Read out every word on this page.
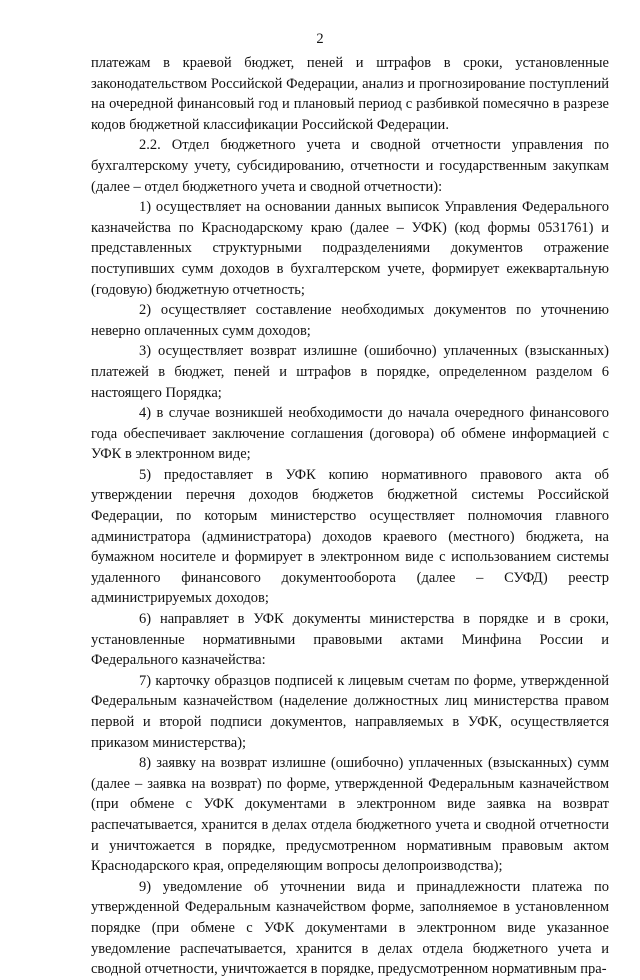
2

платежам в краевой бюджет, пеней и штрафов в сроки, установленные законодательством Российской Федерации, анализ и прогнозирование поступлений на очередной финансовый год и плановый период с разбивкой помесячно в разрезе кодов бюджетной классификации Российской Федерации.

2.2. Отдел бюджетного учета и сводной отчетности управления по бухгалтерскому учету, субсидированию, отчетности и государственным закупкам (далее – отдел бюджетного учета и сводной отчетности):

1) осуществляет на основании данных выписок Управления Федерального казначейства по Краснодарскому краю (далее – УФК) (код формы 0531761) и представленных структурными подразделениями документов отражение поступивших сумм доходов в бухгалтерском учете, формирует ежеквартальную (годовую) бюджетную отчетность;

2) осуществляет составление необходимых документов по уточнению неверно оплаченных сумм доходов;

3) осуществляет возврат излишне (ошибочно) уплаченных (взысканных) платежей в бюджет, пеней и штрафов в порядке, определенном разделом 6 настоящего Порядка;

4) в случае возникшей необходимости до начала очередного финансового года обеспечивает заключение соглашения (договора) об обмене информацией с УФК в электронном виде;

5) предоставляет в УФК копию нормативного правового акта об утверждении перечня доходов бюджетов бюджетной системы Российской Федерации, по которым министерство осуществляет полномочия главного администратора (администратора) доходов краевого (местного) бюджета, на бумажном носителе и формирует в электронном виде с использованием системы удаленного финансового документооборота (далее – СУФД) реестр администрируемых доходов;

6) направляет в УФК документы министерства в порядке и в сроки, установленные нормативными правовыми актами Минфина России и Федерального казначейства:

7) карточку образцов подписей к лицевым счетам по форме, утвержденной Федеральным казначейством (наделение должностных лиц министерства правом первой и второй подписи документов, направляемых в УФК, осуществляется приказом министерства);

8) заявку на возврат излишне (ошибочно) уплаченных (взысканных) сумм (далее – заявка на возврат) по форме, утвержденной Федеральным казначейством (при обмене с УФК документами в электронном виде заявка на возврат распечатывается, хранится в делах отдела бюджетного учета и сводной отчетности и уничтожается в порядке, предусмотренном нормативным правовым актом Краснодарского края, определяющим вопросы делопроизводства);

9) уведомление об уточнении вида и принадлежности платежа по утвержденной Федеральным казначейством форме, заполняемое в установленном порядке (при обмене с УФК документами в электронном виде указанное уведомление распечатывается, хранится в делах отдела бюджетного учета и сводной отчетности, уничтожается в порядке, предусмотренном нормативным пра-
